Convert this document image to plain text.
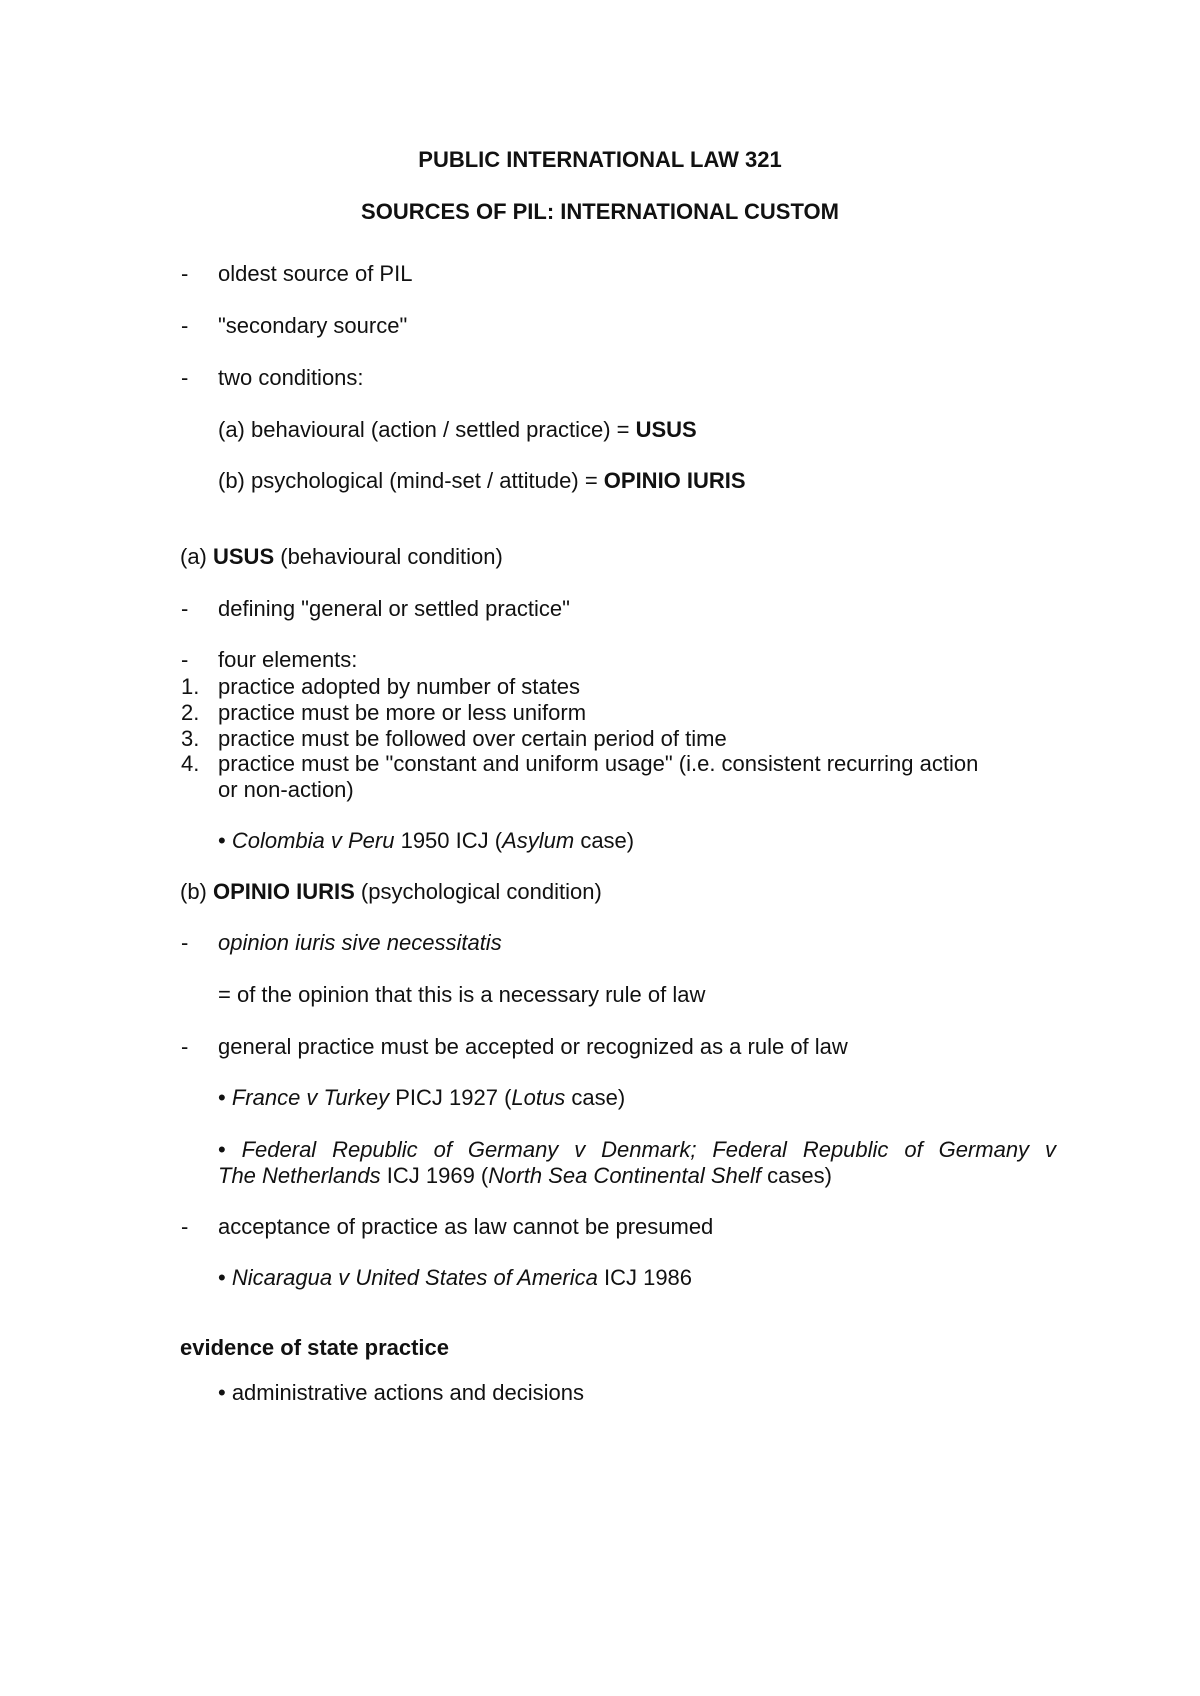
PUBLIC INTERNATIONAL LAW 321

SOURCES OF PIL: INTERNATIONAL CUSTOM

- oldest source of PIL

- "secondary source"

- two conditions:

(a) behavioural (action / settled practice) = USUS

(b) psychological (mind-set / attitude) = OPINIO IURIS

(a) USUS (behavioural condition)

- defining "general or settled practice"

- four elements:

1. practice adopted by number of states

2. practice must be more or less uniform

3. practice must be followed over certain period of time

4. practice must be "constant and uniform usage" (i.e. consistent recurring action

or non-action)

• Colombia v Peru 1950 ICJ (Asylum case)

(b) OPINIO IURIS (psychological condition)

- opinion iuris sive necessitatis

= of the opinion that this is a necessary rule of law

- general practice must be accepted or recognized as a rule of law

• France v Turkey PICJ 1927 (Lotus case)

• Federal Republic of Germany v Denmark; Federal Republic of Germany v

The Netherlands ICJ 1969 (North Sea Continental Shelf cases)

- acceptance of practice as law cannot be presumed

• Nicaragua v United States of America ICJ 1986

evidence of state practice

• administrative actions and decisions
